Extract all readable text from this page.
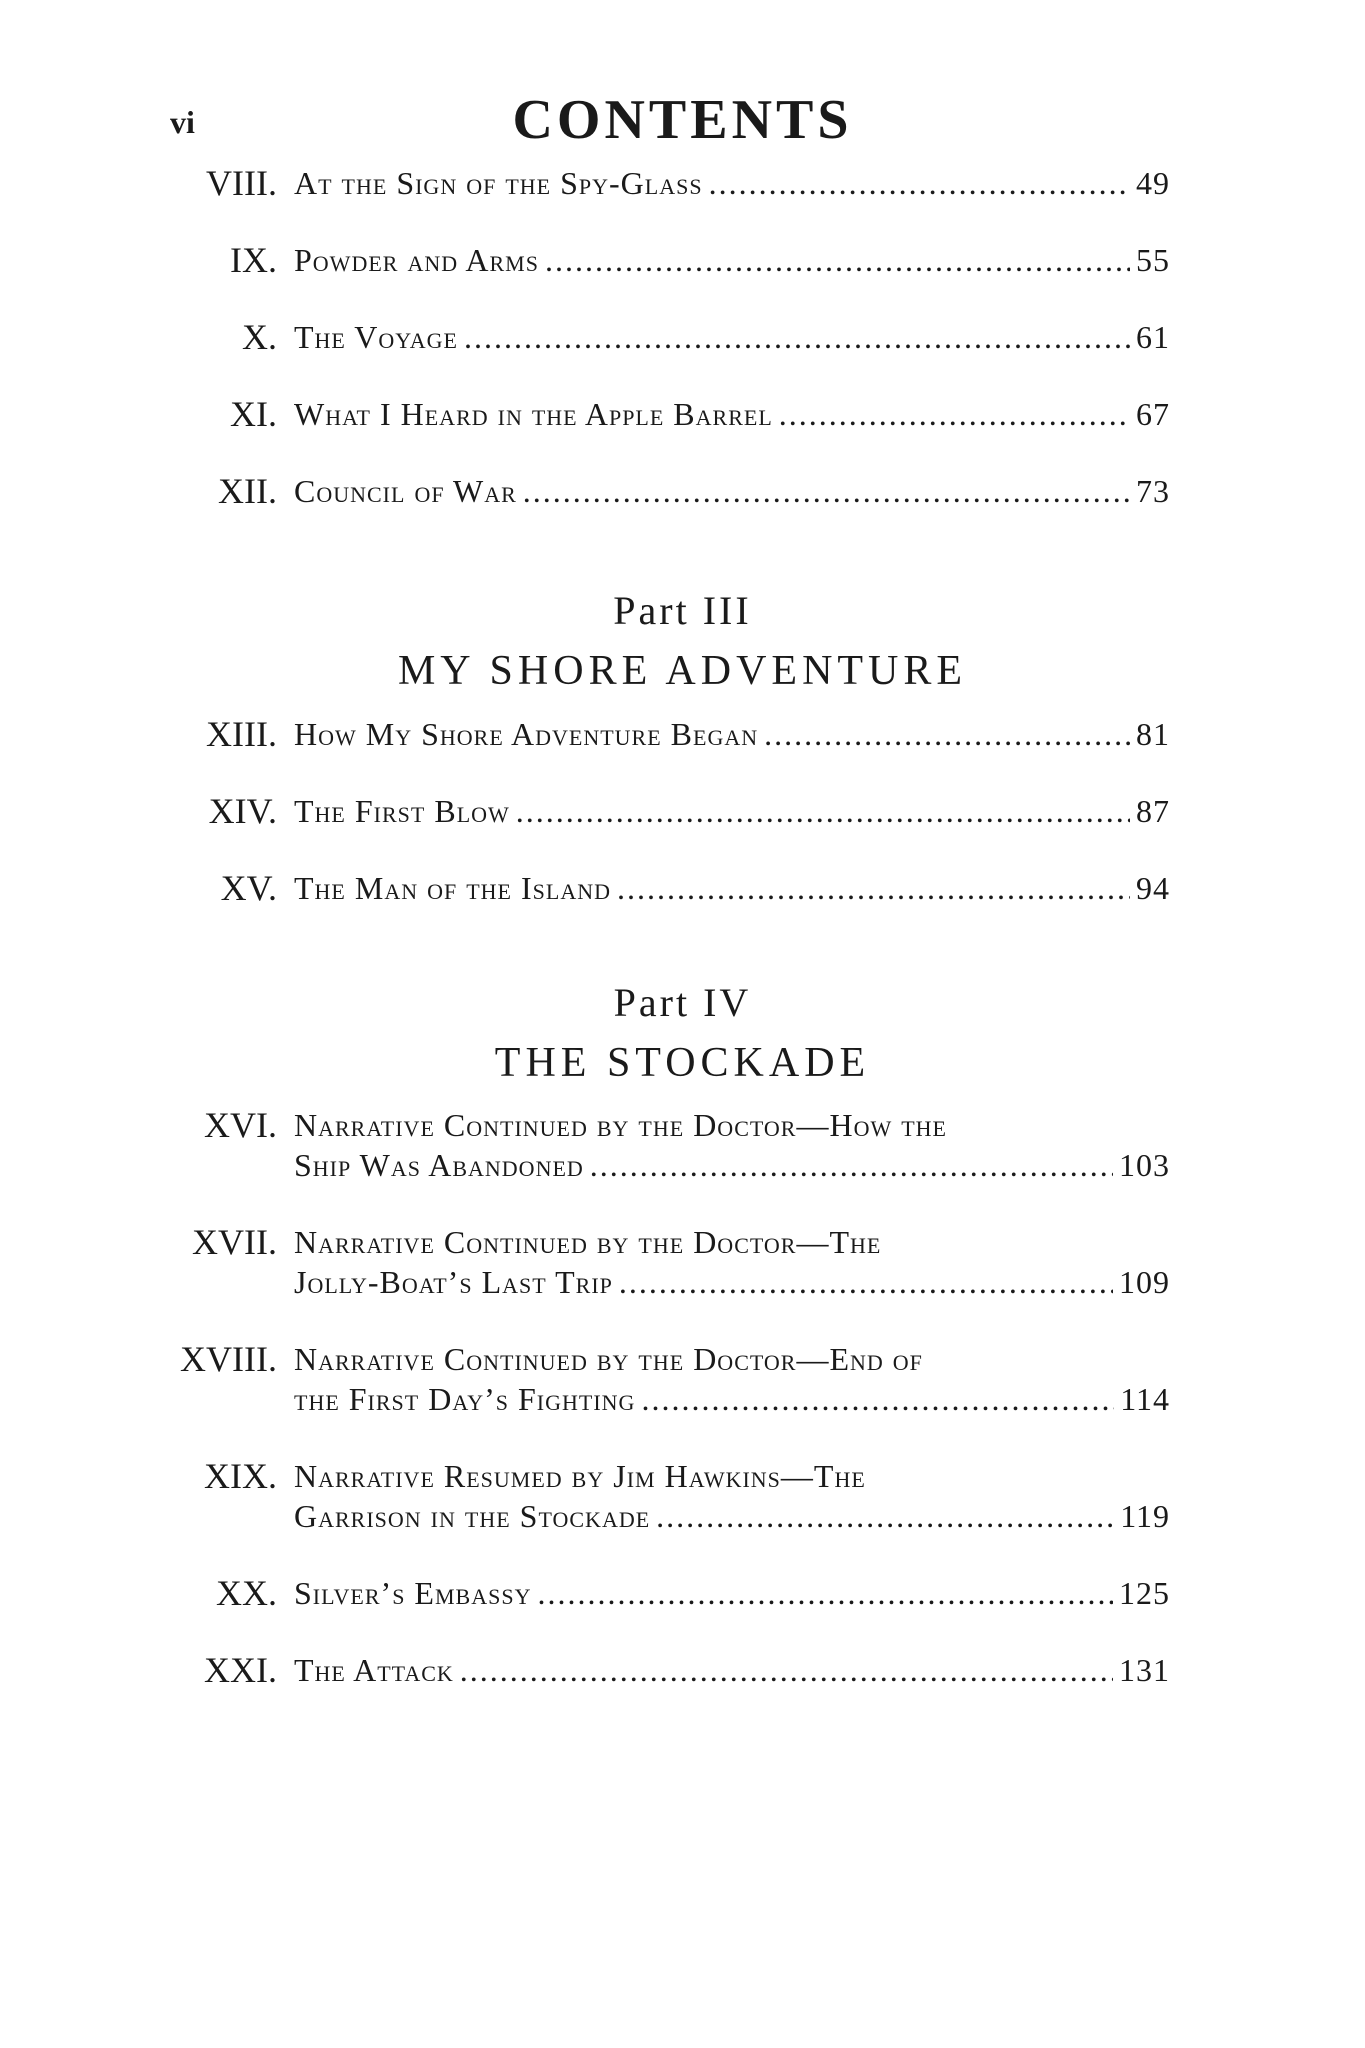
vi	CONTENTS
VIII. At the Sign of the Spy-Glass .....	49
IX. Powder and Arms .....	55
X. The Voyage .....	61
XI. What I Heard in the Apple Barrel .....	67
XII. Council of War .....	73
Part III
MY SHORE ADVENTURE
XIII. How My Shore Adventure Began .....	81
XIV. The First Blow .....	87
XV. The Man of the Island .....	94
Part IV
THE STOCKADE
XVI. Narrative Continued by the Doctor—How the
Ship Was Abandoned .....	103
XVII. Narrative Continued by the Doctor—The
Jolly-Boat’s Last Trip .....	109
XVIII. Narrative Continued by the Doctor—End of
the First Day’s Fighting .....	114
XIX. Narrative Resumed by Jim Hawkins—The
Garrison in the Stockade .....	119
XX. Silver’s Embassy .....	125
XXI. The Attack .....	131
